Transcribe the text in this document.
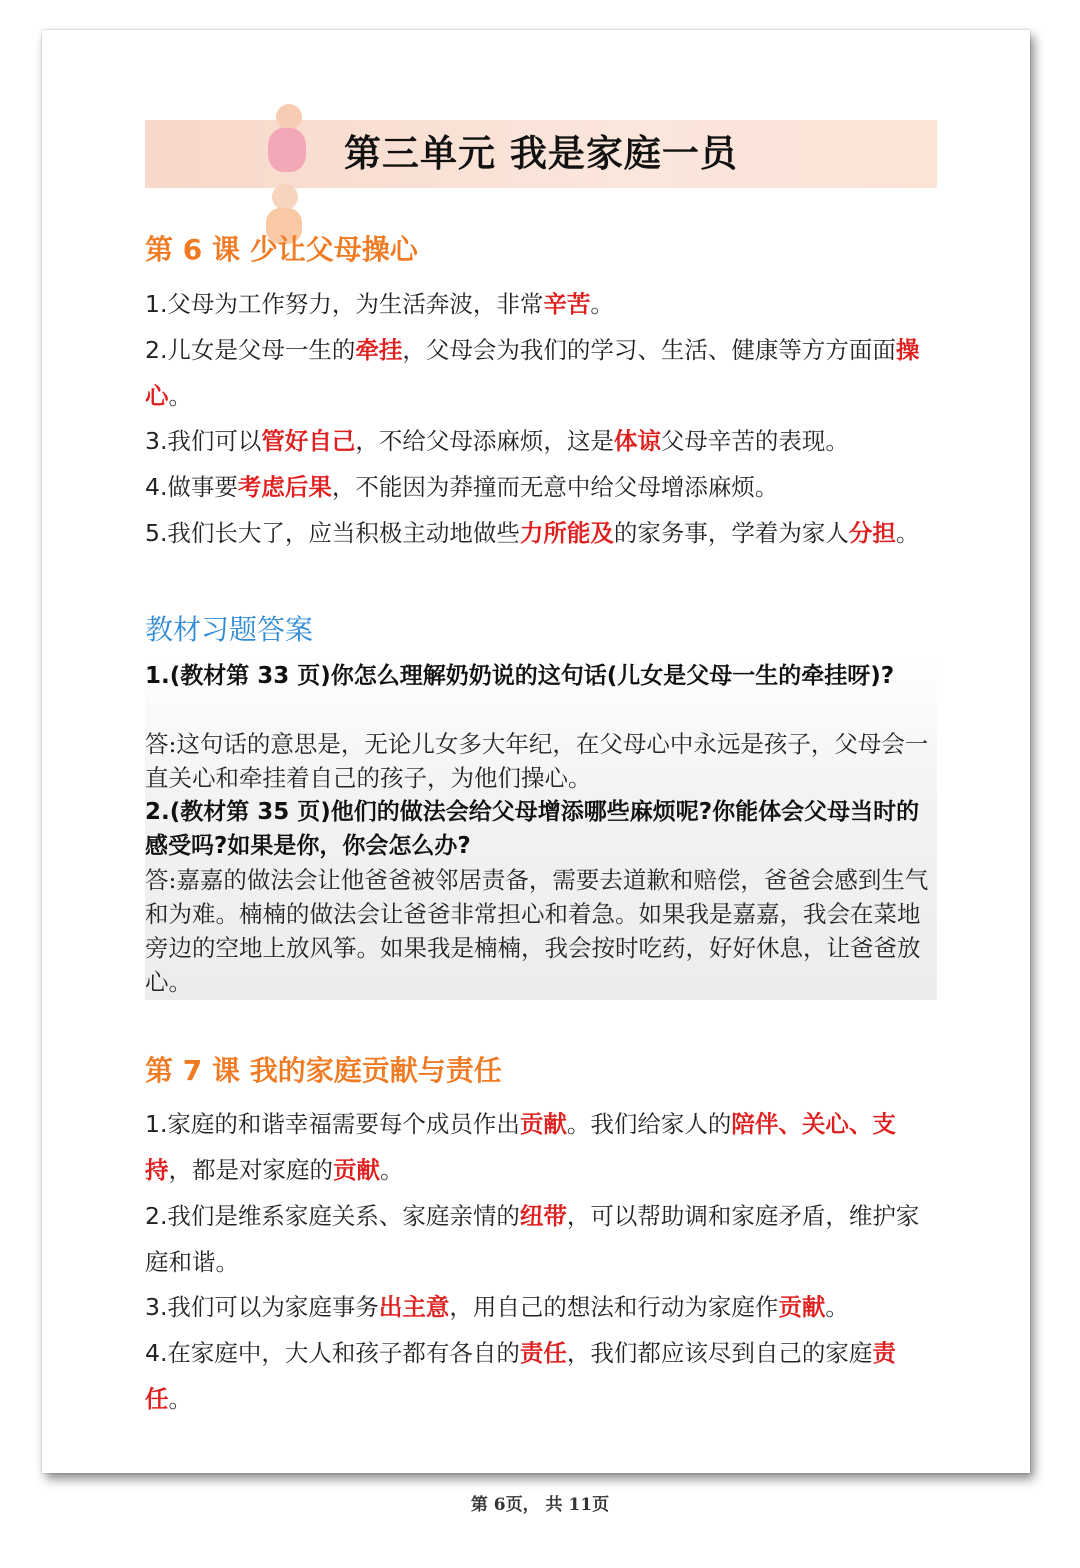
第三单元 我是家庭一员
第 6 课 少让父母操心
1.父母为工作努力，为生活奔波，非常辛苦。
2.儿女是父母一生的牵挂，父母会为我们的学习、生活、健康等方方面面操心。
3.我们可以管好自己，不给父母添麻烦，这是体谅父母辛苦的表现。
4.做事要考虑后果，不能因为莽撞而无意中给父母增添麻烦。
5.我们长大了，应当积极主动地做些力所能及的家务事，学着为家人分担。
教材习题答案
1.(教材第 33 页)你怎么理解奶奶说的这句话(儿女是父母一生的牵挂呀)?
答:这句话的意思是，无论儿女多大年纪，在父母心中永远是孩子，父母会一直关心和牵挂着自己的孩子，为他们操心。
2.(教材第 35 页)他们的做法会给父母增添哪些麻烦呢?你能体会父母当时的感受吗?如果是你，你会怎么办?
答:嘉嘉的做法会让他爸爸被邻居责备，需要去道歉和赔偿，爸爸会感到生气和为难。楠楠的做法会让爸爸非常担心和着急。如果我是嘉嘉，我会在菜地旁边的空地上放风筝。如果我是楠楠，我会按时吃药，好好休息，让爸爸放心。
第 7 课 我的家庭贡献与责任
1.家庭的和谐幸福需要每个成员作出贡献。我们给家人的陪伴、关心、支持，都是对家庭的贡献。
2.我们是维系家庭关系、家庭亲情的纽带，可以帮助调和家庭矛盾，维护家庭和谐。
3.我们可以为家庭事务出主意，用自己的想法和行动为家庭作贡献。
4.在家庭中，大人和孩子都有各自的责任，我们都应该尽到自己的家庭责任。
第 6页， 共 11页
